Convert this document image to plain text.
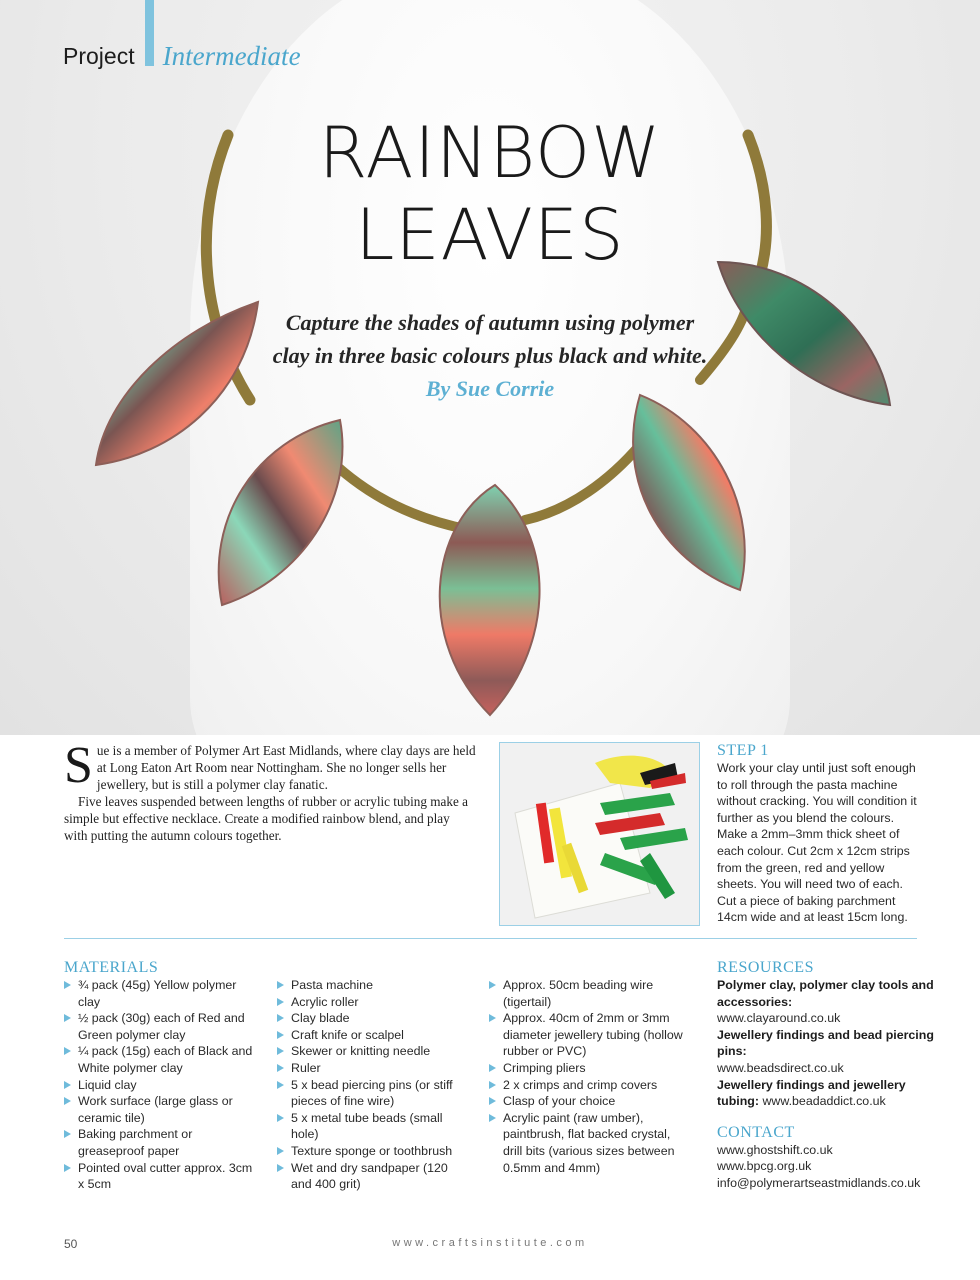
Project Intermediate
RAINBOW
LEAVES
Capture the shades of autumn using polymer clay in three basic colours plus black and white. By Sue Corrie

Sue is a member of Polymer Art East Midlands, where clay days are held at Long Eaton Art Room near Nottingham. She no longer sells her jewellery, but is still a polymer clay fanatic.

Five leaves suspended between lengths of rubber or acrylic tubing make a simple but effective necklace. Create a modified rainbow blend, and play with putting the autumn colours together.

STEP 1

Work your clay until just soft enough to roll through the pasta machine without cracking. You will condition it further as you blend the colours. Make a 2mm–3mm thick sheet of each colour. Cut 2cm x 12cm strips from the green, red and yellow sheets. You will need two of each. Cut a piece of baking parchment 14cm wide and at least 15cm long.

MATERIALS
¾ pack (45g) Yellow polymer clay
½ pack (30g) each of Red and Green polymer clay
¼ pack (15g) each of Black and White polymer clay
Liquid clay
Work surface (large glass or ceramic tile)
Baking parchment or greaseproof paper
Pointed oval cutter approx. 3cm x 5cm
Pasta machine
Acrylic roller
Clay blade
Craft knife or scalpel
Skewer or knitting needle
Ruler
5 x bead piercing pins (or stiff pieces of fine wire)
5 x metal tube beads (small hole)
Texture sponge or toothbrush
Wet and dry sandpaper (120 and 400 grit)
Approx. 50cm beading wire (tigertail)
Approx. 40cm of 2mm or 3mm diameter jewellery tubing (hollow rubber or PVC)
Crimping pliers
2 x crimps and crimp covers
Clasp of your choice
Acrylic paint (raw umber), paintbrush, flat backed crystal, drill bits (various sizes between 0.5mm and 4mm)
RESOURCES
Polymer clay, polymer clay tools and accessories:
www.clayaround.co.uk
Jewellery findings and bead piercing pins:
www.beadsdirect.co.uk
Jewellery findings and jewellery tubing: www.beadaddict.co.uk
CONTACT
www.ghostshift.co.uk
www.bpcg.org.uk
info@polymerartseastmidlands.co.uk
50	www.craftsinstitute.com
